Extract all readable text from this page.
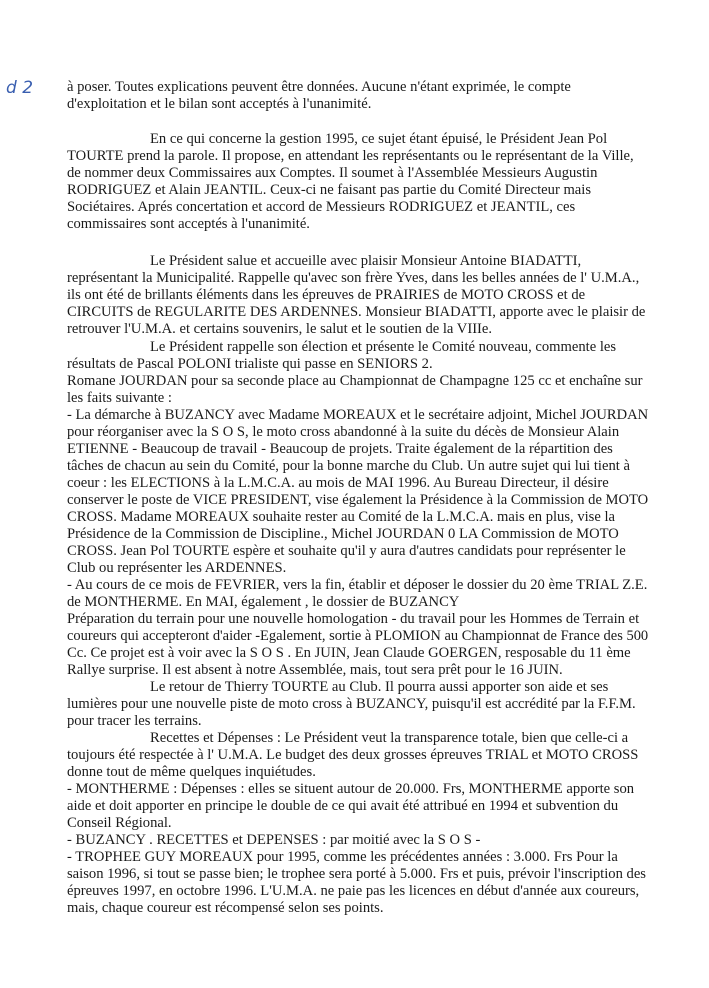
d 2 à poser. Toutes explications peuvent être données. Aucune n'étant exprimée, le compte
d'exploitation et le bilan sont acceptés à l'unanimité.
En ce qui concerne la gestion 1995, ce sujet étant épuisé, le Président Jean Pol
TOURTE prend la parole. Il propose, en attendant les représentants ou le représentant de la Ville,
de nommer deux Commissaires aux Comptes. Il soumet à l'Assemblée Messieurs Augustin
RODRIGUEZ et Alain JEANTIL. Ceux-ci ne faisant pas partie du Comité Directeur mais
Sociétaires. Aprés concertation et accord de Messieurs RODRIGUEZ et JEANTIL, ces
commissaires sont acceptés à l'unanimité.
Le Président salue et accueille avec plaisir Monsieur Antoine BIADATTI,
représentant la Municipalité. Rappelle qu'avec son frère Yves, dans les belles années de l' U.M.A.,
ils ont été de brillants éléments dans les épreuves de PRAIRIES de MOTO CROSS et de
CIRCUITS de REGULARITE DES ARDENNES. Monsieur BIADATTI, apporte avec le plaisir de
retrouver l'U.M.A. et certains souvenirs, le salut et le soutien de la VIIIe.
Le Président rappelle son élection et présente le Comité nouveau, commente les
résultats de Pascal POLONI trialiste qui passe en SENIORS 2.
Romane JOURDAN pour sa seconde place au Championnat de Champagne 125 cc et enchaîne sur
les faits suivante :
- La démarche à BUZANCY avec Madame MOREAUX et le secrétaire adjoint, Michel JOURDAN
pour réorganiser avec la S O S, le moto cross abandonné à la suite du décès de Monsieur Alain
ETIENNE - Beaucoup de travail - Beaucoup de projets. Traite également de la répartition des
tâches de chacun au sein du Comité, pour la bonne marche du Club. Un autre sujet qui lui tient à
coeur : les ELECTIONS à la L.M.C.A. au mois de MAI 1996. Au Bureau Directeur, il désire
conserver le poste de VICE PRESIDENT, vise également la Présidence à la Commission de MOTO
CROSS. Madame MOREAUX souhaite rester au Comité de la L.M.C.A. mais en plus, vise la
Présidence de la Commission de Discipline., Michel JOURDAN 0 LA Commission de MOTO
CROSS. Jean Pol TOURTE espère et souhaite qu'il y aura d'autres candidats pour représenter le
Club ou représenter les ARDENNES.
- Au cours de ce mois de FEVRIER, vers la fin, établir et déposer le dossier du 20 ème TRIAL Z.E.
de MONTHERME. En MAI, également , le dossier de BUZANCY
Préparation du terrain pour une nouvelle homologation - du travail pour les Hommes de Terrain et
coureurs qui accepteront d'aider -Egalement, sortie à PLOMION au Championnat de France des 500
Cc. Ce projet est à voir avec la S O S . En JUIN, Jean Claude GOERGEN, resposable du 11 ème
Rallye surprise. Il est absent à notre Assemblée, mais, tout sera prêt pour le 16 JUIN.
Le retour de Thierry TOURTE au Club. Il pourra aussi apporter son aide et ses
lumières pour une nouvelle piste de moto cross à BUZANCY, puisqu'il est accrédité par la F.F.M.
pour tracer les terrains.
Recettes et Dépenses : Le Président veut la transparence totale, bien que celle-ci a
toujours été respectée à l' U.M.A. Le budget des deux grosses épreuves TRIAL et MOTO CROSS
donne tout de même quelques inquiétudes.
- MONTHERME : Dépenses : elles se situent autour de 20.000. Frs, MONTHERME apporte son
aide et doit apporter en principe le double de ce qui avait été attribué en 1994 et subvention du
Conseil Régional.
- BUZANCY . RECETTES et DEPENSES : par moitié avec la S O S -
- TROPHEE GUY MOREAUX pour 1995, comme les précédentes années : 3.000. Frs Pour la
saison 1996, si tout se passe bien; le trophee sera porté à 5.000. Frs et puis, prévoir l'inscription des
épreuves 1997, en octobre 1996. L'U.M.A. ne paie pas les licences en début d'année aux coureurs,
mais, chaque coureur est récompensé selon ses points.
